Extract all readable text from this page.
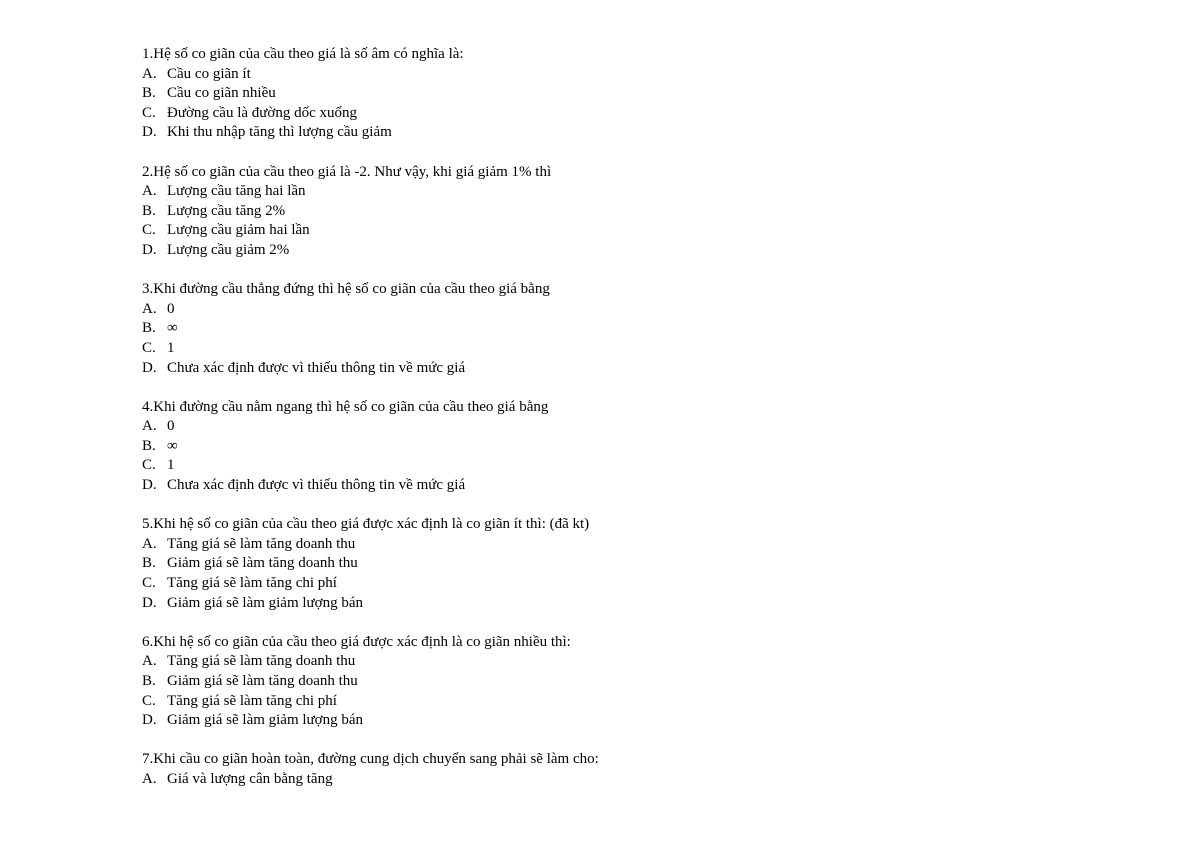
1.Hệ số co giãn của cầu theo giá là số âm có nghĩa là:
A. Cầu co giãn ít
B. Cầu co giãn nhiều
C. Đường cầu là đường dốc xuống
D. Khi thu nhập tăng thì lượng cầu giảm
2.Hệ số co giãn của cầu theo giá là -2. Như vậy, khi giá giảm 1% thì
A. Lượng cầu tăng hai lần
B. Lượng cầu tăng 2%
C. Lượng cầu giảm hai lần
D. Lượng cầu giảm 2%
3.Khi đường cầu thẳng đứng thì hệ số co giãn của cầu theo giá bằng
A. 0
B. ∞
C. 1
D. Chưa xác định được vì thiếu thông tin về mức giá
4.Khi đường cầu nằm ngang thì hệ số co giãn của cầu theo giá bằng
A. 0
B. ∞
C. 1
D. Chưa xác định được vì thiếu thông tin về mức giá
5.Khi hệ số co giãn của cầu theo giá được xác định là co giãn ít thì: (đã kt)
A. Tăng giá sẽ làm tăng doanh thu
B. Giảm giá sẽ làm tăng doanh thu
C. Tăng giá sẽ làm tăng chi phí
D. Giảm giá sẽ làm giảm lượng bán
6.Khi hệ số co giãn của cầu theo giá được xác định là co giãn nhiều thì:
A. Tăng giá sẽ làm tăng doanh thu
B. Giảm giá sẽ làm tăng doanh thu
C. Tăng giá sẽ làm tăng chi phí
D. Giảm giá sẽ làm giảm lượng bán
7.Khi cầu co giãn hoàn toàn, đường cung dịch chuyển sang phải sẽ làm cho:
A. Giá và lượng cân bằng tăng
